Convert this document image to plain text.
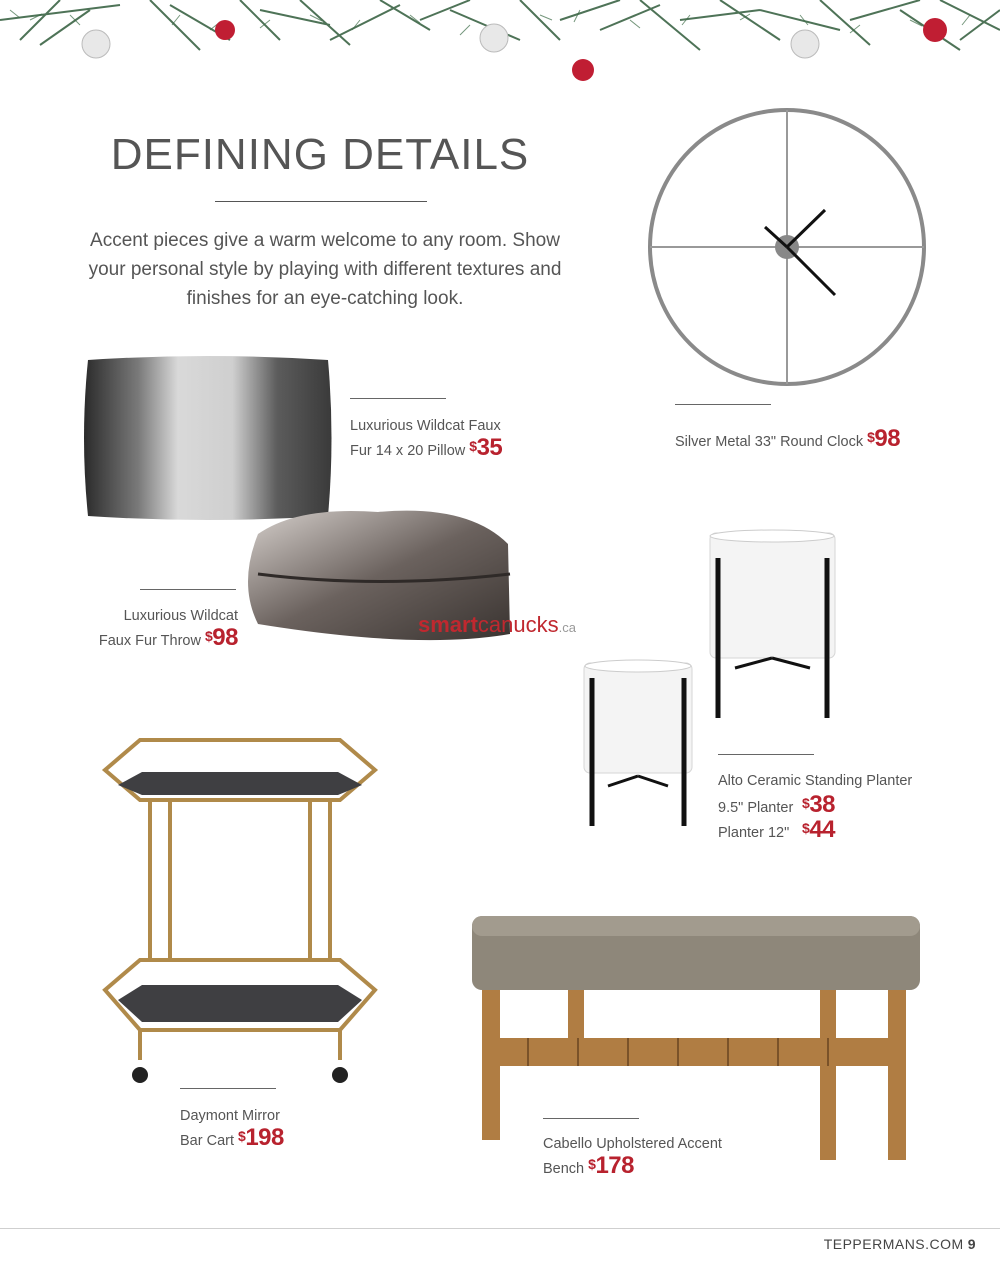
DEFINING DETAILS

Accent pieces give a warm welcome to any room. Show your personal style by playing with different textures and finishes for an eye-catching look.

Silver Metal 33" Round Clock $98
Luxurious Wildcat Faux
Fur 14 x 20 Pillow $35
Luxurious Wildcat
Faux Fur Throw $98	smartcanucks.ca
Alto Ceramic Standing Planter
9.5" Planter $38
Planter 12" $44
Daymont Mirror
Bar Cart $198	Cabello Upholstered Accent
Bench $178
TEPPERMANS.COM 9
